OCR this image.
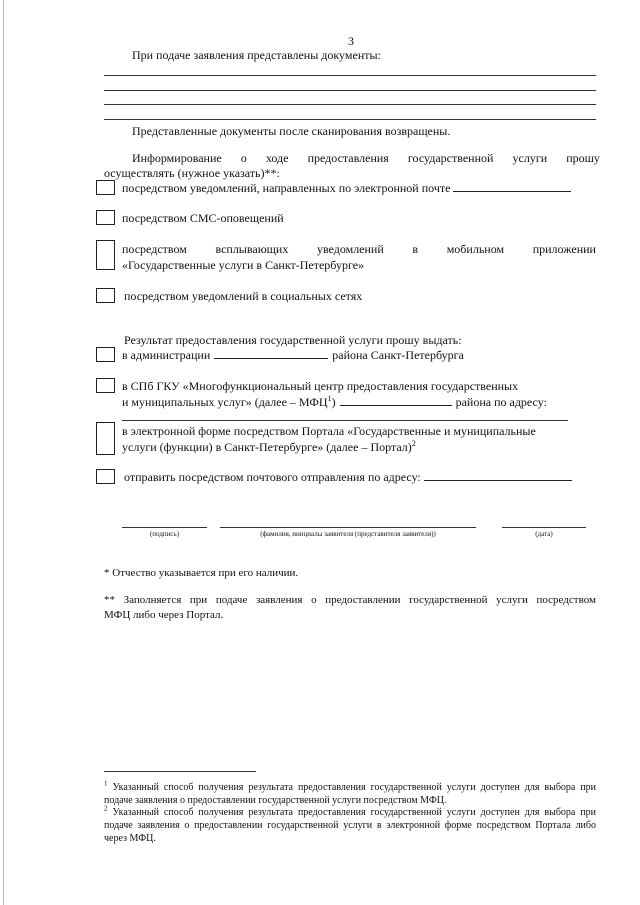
3
При подаче заявления представлены документы:
Представленные документы после сканирования возвращены.
Информирование о ходе предоставления государственной услуги прошу
осуществлять (нужное указать)**:
посредством уведомлений, направленных по электронной почте
посредством СМС-оповещений
посредством всплывающих уведомлений в мобильном приложении
«Государственные услуги в Санкт-Петербурге»
посредством уведомлений в социальных сетях
Результат предоставления государственной услуги прошу выдать:
в администрации	района Санкт-Петербурга
в СПб ГКУ «Многофункциональный центр предоставления государственных
и муниципальных услуг» (далее – МФЦ$^1$)	района по адресу:
в электронной форме посредством Портала «Государственные и муниципальные
услуги (функции) в Санкт-Петербурге» (далее – Портал)$^2$
отправить посредством почтового отправления по адресу:
(подпись)	(фамилия, инициалы заявителя (представителя заявителя))	(дата)
* Отчество указывается при его наличии.
** Заполняется при подаче заявления о предоставлении государственной услуги посредством
МФЦ либо через Портал.
$^1$ Указанный способ получения результата предоставления государственной услуги доступен для выбора при подаче заявления о предоставлении государственной услуги посредством МФЦ.
$^2$ Указанный способ получения результата предоставления государственной услуги доступен для выбора при подаче заявления о предоставлении государственной услуги в электронной форме посредством Портала либо через МФЦ.
